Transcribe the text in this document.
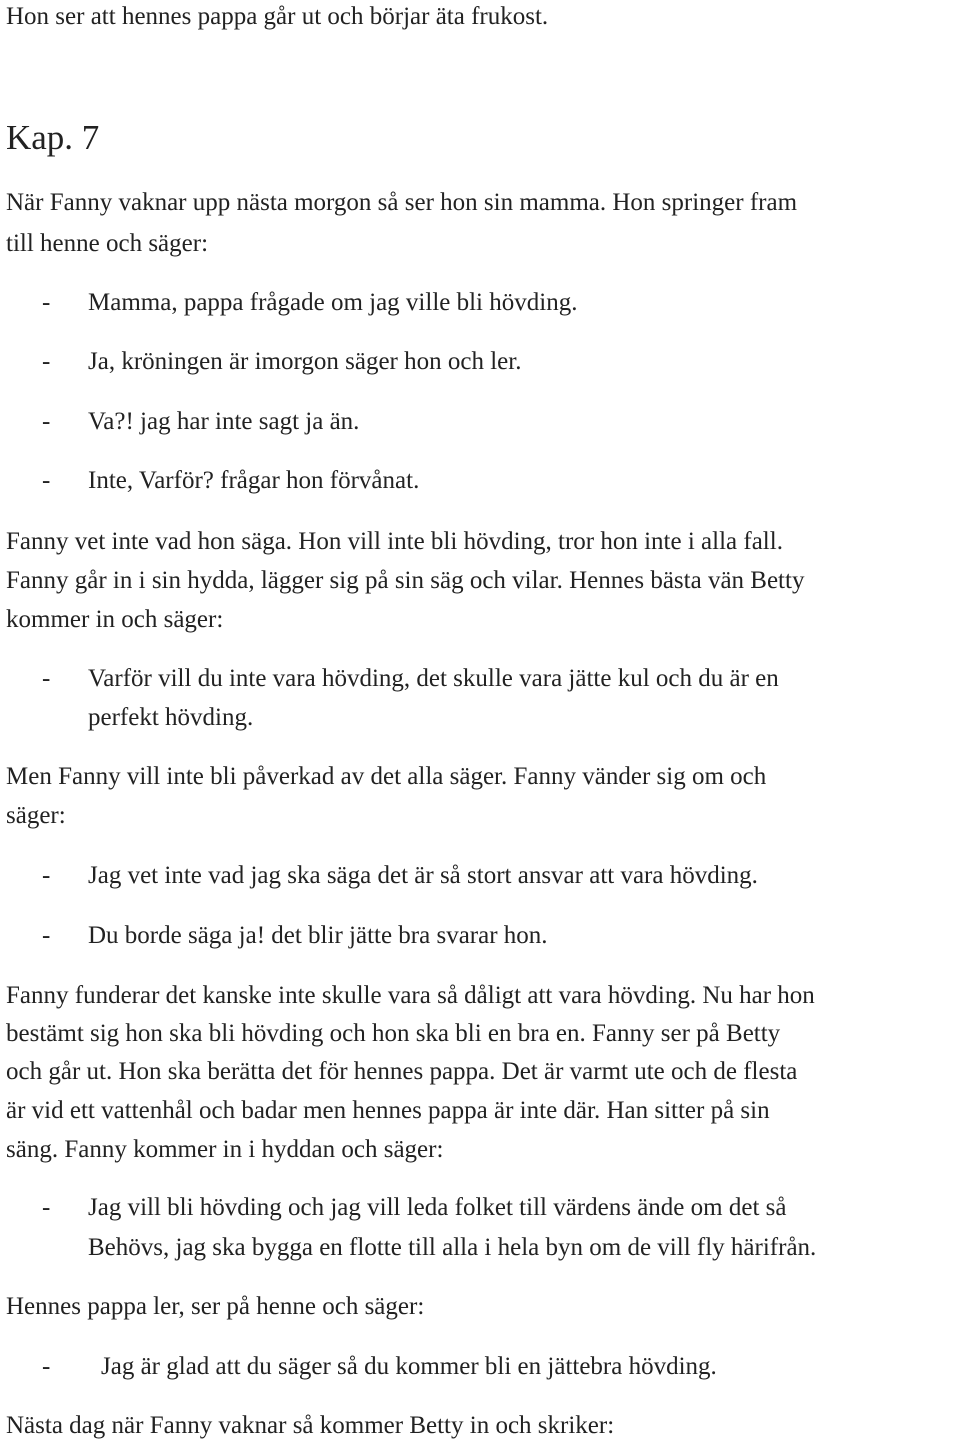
Hon ser att hennes pappa går ut och börjar äta frukost.
Kap. 7
När Fanny vaknar upp nästa morgon så ser hon sin mamma. Hon springer fram
till henne och säger:
- Mamma, pappa frågade om jag ville bli hövding.
- Ja, kröningen är imorgon säger hon och ler.
- Va?! jag har inte sagt ja än.
- Inte, Varför? frågar hon förvånat.
Fanny vet inte vad hon säga. Hon vill inte bli hövding, tror hon inte i alla fall.
Fanny går in i sin hydda, lägger sig på sin säg och vilar. Hennes bästa vän Betty
kommer in och säger:
- Varför vill du inte vara hövding, det skulle vara jätte kul och du är en
perfekt hövding.
Men Fanny vill inte bli påverkad av det alla säger. Fanny vänder sig om och
säger:
- Jag vet inte vad jag ska säga det är så stort ansvar att vara hövding.
- Du borde säga ja! det blir jätte bra svarar hon.
Fanny funderar det kanske inte skulle vara så dåligt att vara hövding. Nu har hon
bestämt sig hon ska bli hövding och hon ska bli en bra en. Fanny ser på Betty
och går ut. Hon ska berätta det för hennes pappa. Det är varmt ute och de flesta
är vid ett vattenhål och badar men hennes pappa är inte där. Han sitter på sin
säng. Fanny kommer in i hyddan och säger:
- Jag vill bli hövding och jag vill leda folket till värdens ände om det så
Behövs, jag ska bygga en flotte till alla i hela byn om de vill fly härifrån.
Hennes pappa ler, ser på henne och säger:
- Jag är glad att du säger så du kommer bli en jättebra hövding.
Nästa dag när Fanny vaknar så kommer Betty in och skriker:
